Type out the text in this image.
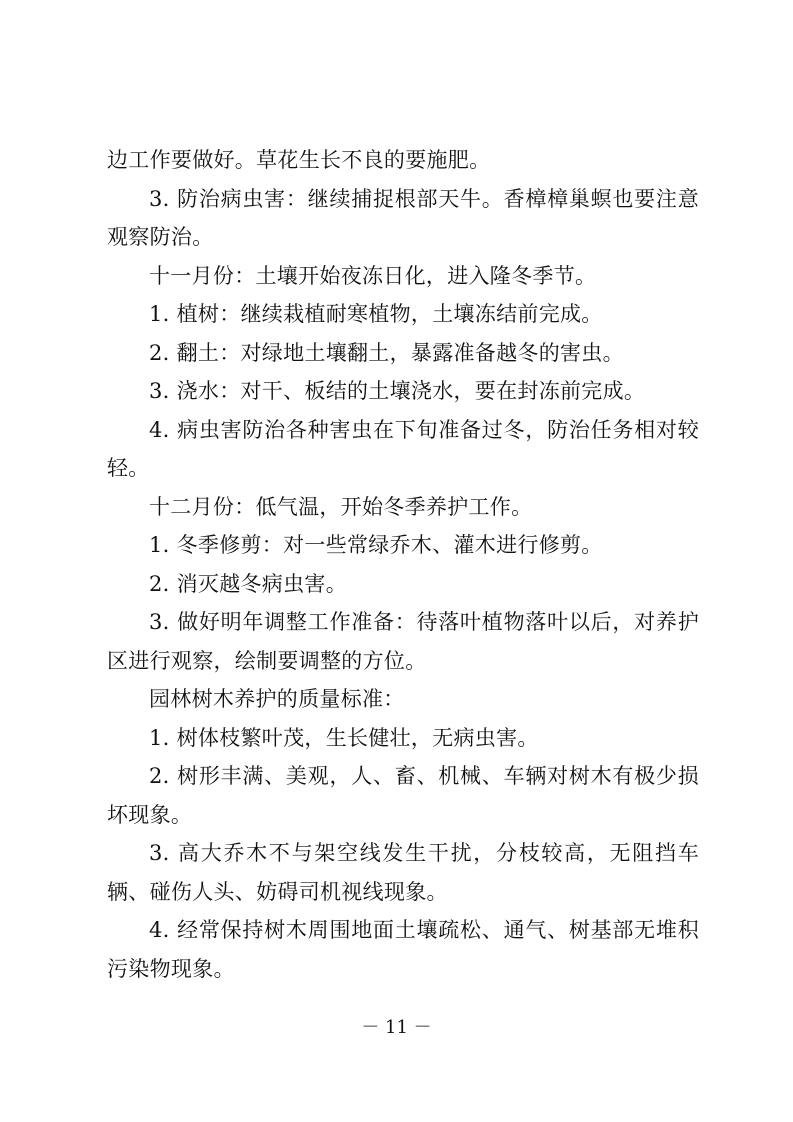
边工作要做好。草花生长不良的要施肥。

3. 防治病虫害：继续捕捉根部天牛。香樟樟巢螟也要注意观察防治。

十一月份：土壤开始夜冻日化，进入隆冬季节。

1. 植树：继续栽植耐寒植物，土壤冻结前完成。

2. 翻土：对绿地土壤翻土，暴露准备越冬的害虫。

3. 浇水：对干、板结的土壤浇水，要在封冻前完成。

4. 病虫害防治各种害虫在下旬准备过冬，防治任务相对较轻。

十二月份：低气温，开始冬季养护工作。

1. 冬季修剪：对一些常绿乔木、灌木进行修剪。

2. 消灭越冬病虫害。

3. 做好明年调整工作准备：待落叶植物落叶以后，对养护区进行观察，绘制要调整的方位。

园林树木养护的质量标准：

1. 树体枝繁叶茂，生长健壮，无病虫害。

2. 树形丰满、美观，人、畜、机械、车辆对树木有极少损坏现象。

3. 高大乔木不与架空线发生干扰，分枝较高，无阻挡车辆、碰伤人头、妨碍司机视线现象。

4. 经常保持树木周围地面土壤疏松、通气、树基部无堆积污染物现象。

－ 11 －
